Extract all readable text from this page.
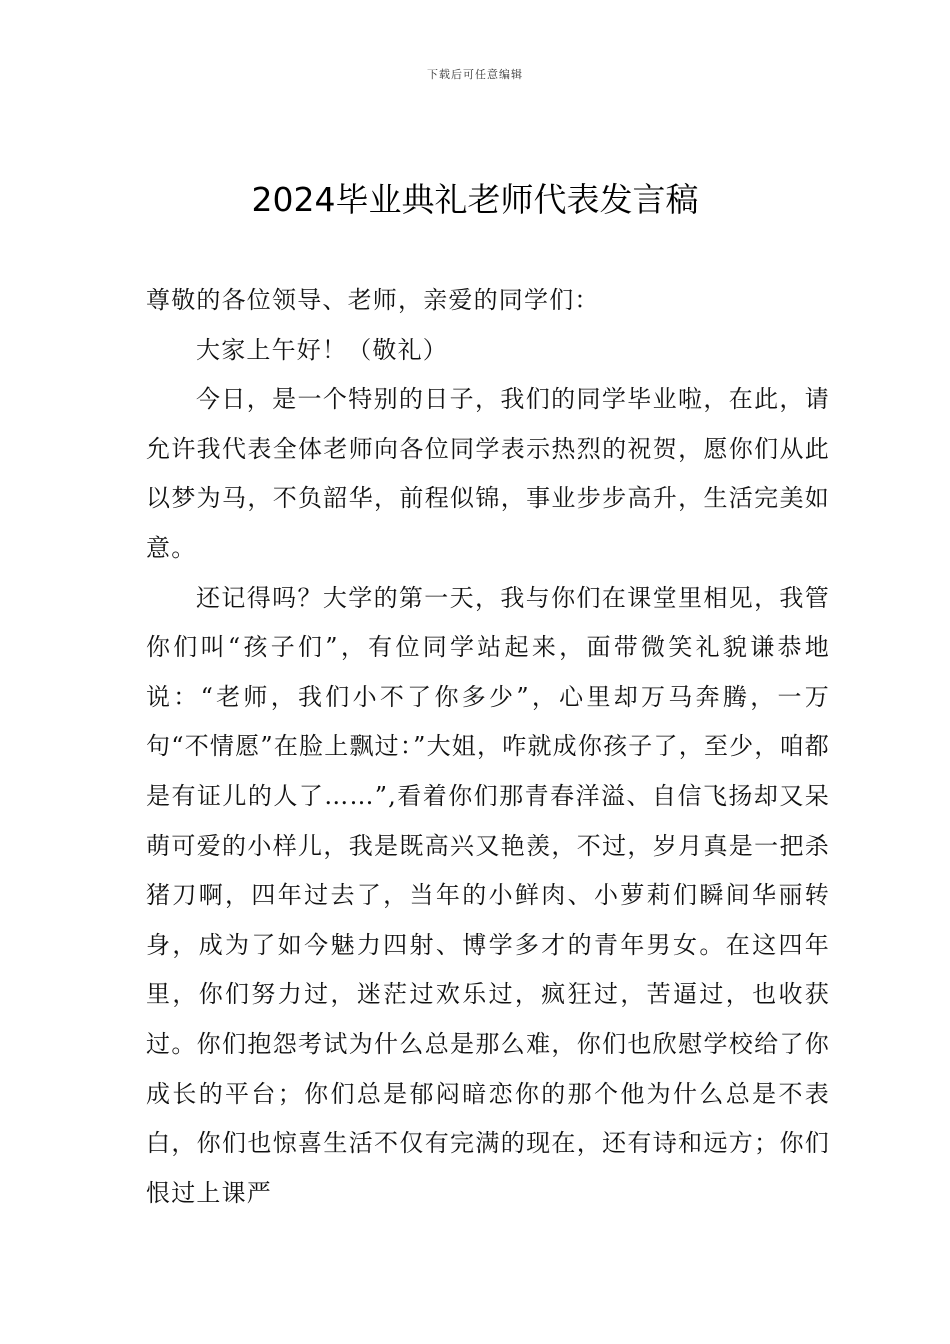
下载后可任意编辑
2024毕业典礼老师代表发言稿

尊敬的各位领导、老师，亲爱的同学们：

大家上午好！（敬礼）

今日，是一个特别的日子，我们的同学毕业啦，在此，请允许我代表全体老师向各位同学表示热烈的祝贺，愿你们从此以梦为马，不负韶华，前程似锦，事业步步高升，生活完美如意。

还记得吗？大学的第一天，我与你们在课堂里相见，我管你们叫“孩子们”，有位同学站起来，面带微笑礼貌谦恭地说：“老师，我们小不了你多少”，心里却万马奔腾，一万句“不情愿”在脸上飘过：”大姐，咋就成你孩子了，至少，咱都是有证儿的人了……”,看着你们那青春洋溢、自信飞扬却又呆萌可爱的小样儿，我是既高兴又艳羡，不过，岁月真是一把杀猪刀啊，四年过去了，当年的小鲜肉、小萝莉们瞬间华丽转身，成为了如今魅力四射、博学多才的青年男女。在这四年里，你们努力过，迷茫过欢乐过，疯狂过，苦逼过，也收获过。你们抱怨考试为什么总是那么难，你们也欣慰学校给了你成长的平台；你们总是郁闷暗恋你的那个他为什么总是不表白，你们也惊喜生活不仅有完满的现在，还有诗和远方；你们恨过上课严
